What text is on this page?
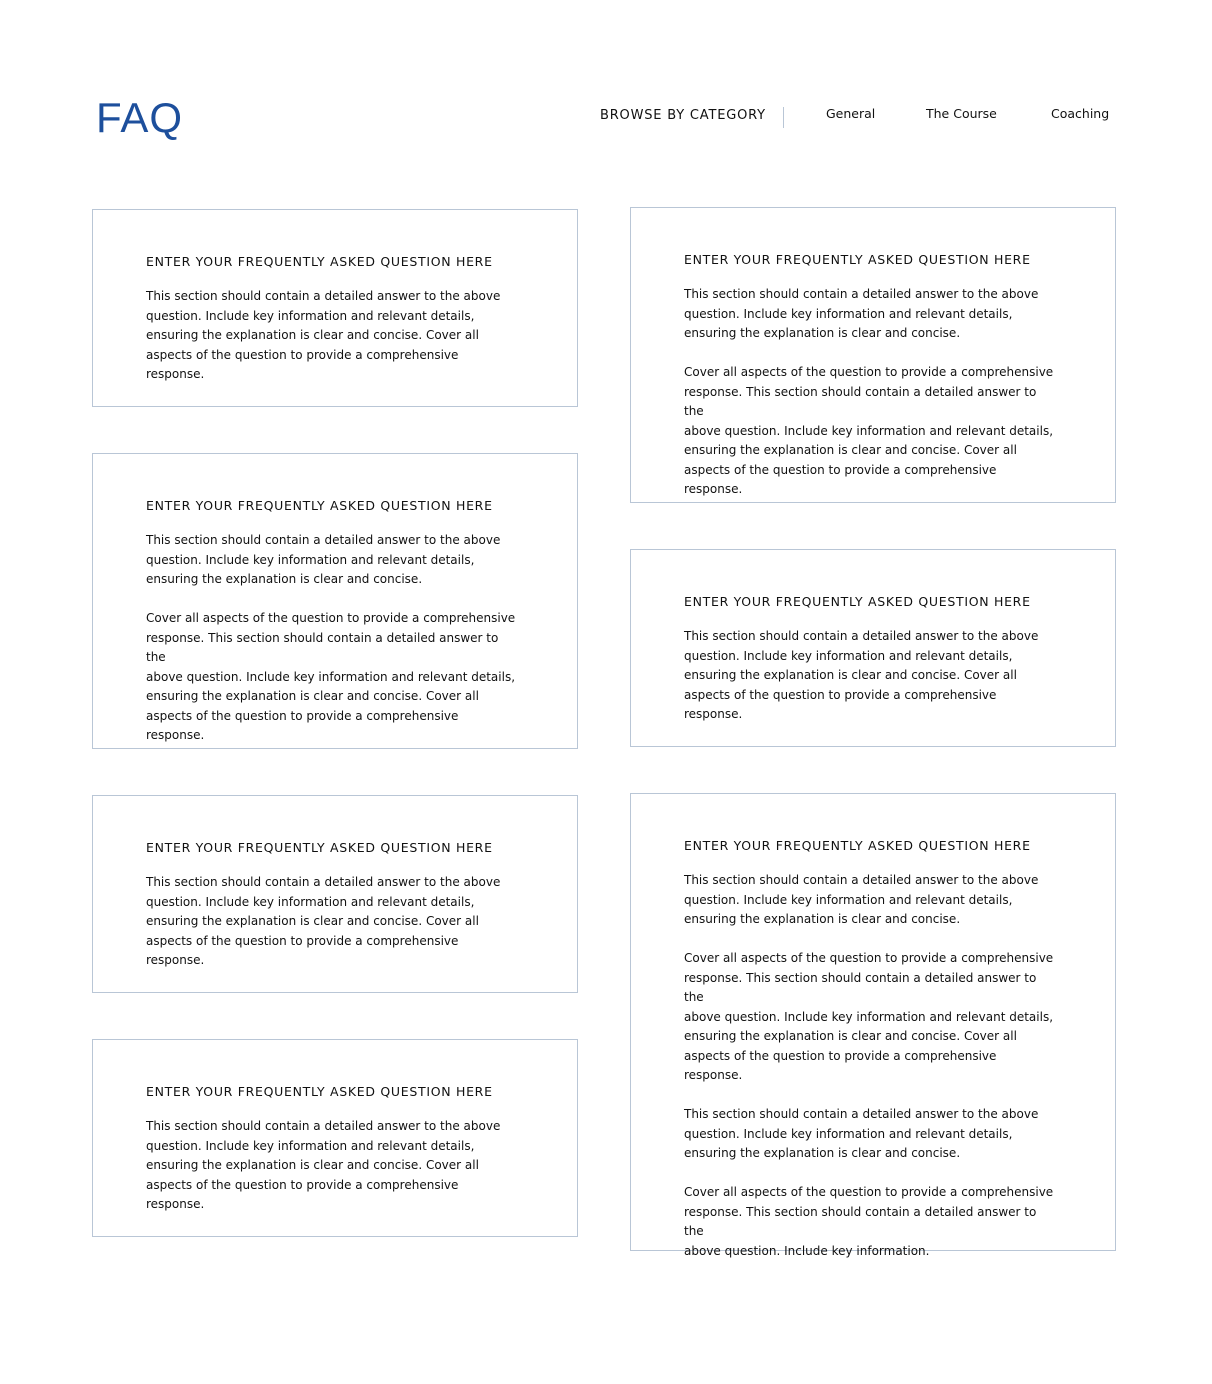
FAQ	BROWSE BY CATEGORY	General	The Course	Coaching
ENTER YOUR FREQUENTLY ASKED QUESTION HERE
This section should contain a detailed answer to the above
question. Include key information and relevant details,
ensuring the explanation is clear and concise. Cover all
aspects of the question to provide a comprehensive response.
ENTER YOUR FREQUENTLY ASKED QUESTION HERE
This section should contain a detailed answer to the above
question. Include key information and relevant details,
ensuring the explanation is clear and concise.
Cover all aspects of the question to provide a comprehensive
response. This section should contain a detailed answer to the
above question. Include key information and relevant details,
ensuring the explanation is clear and concise. Cover all
aspects of the question to provide a comprehensive response.
ENTER YOUR FREQUENTLY ASKED QUESTION HERE
This section should contain a detailed answer to the above
question. Include key information and relevant details,
ensuring the explanation is clear and concise. Cover all
aspects of the question to provide a comprehensive response.
ENTER YOUR FREQUENTLY ASKED QUESTION HERE
This section should contain a detailed answer to the above
question. Include key information and relevant details,
ensuring the explanation is clear and concise. Cover all
aspects of the question to provide a comprehensive response.
ENTER YOUR FREQUENTLY ASKED QUESTION HERE
This section should contain a detailed answer to the above
question. Include key information and relevant details,
ensuring the explanation is clear and concise.
Cover all aspects of the question to provide a comprehensive
response. This section should contain a detailed answer to the
above question. Include key information and relevant details,
ensuring the explanation is clear and concise. Cover all
aspects of the question to provide a comprehensive response.
ENTER YOUR FREQUENTLY ASKED QUESTION HERE
This section should contain a detailed answer to the above
question. Include key information and relevant details,
ensuring the explanation is clear and concise. Cover all
aspects of the question to provide a comprehensive response.
ENTER YOUR FREQUENTLY ASKED QUESTION HERE
This section should contain a detailed answer to the above
question. Include key information and relevant details,
ensuring the explanation is clear and concise.
Cover all aspects of the question to provide a comprehensive
response. This section should contain a detailed answer to the
above question. Include key information and relevant details,
ensuring the explanation is clear and concise. Cover all
aspects of the question to provide a comprehensive response.
This section should contain a detailed answer to the above
question. Include key information and relevant details,
ensuring the explanation is clear and concise.
Cover all aspects of the question to provide a comprehensive
response. This section should contain a detailed answer to the
above question. Include key information.
